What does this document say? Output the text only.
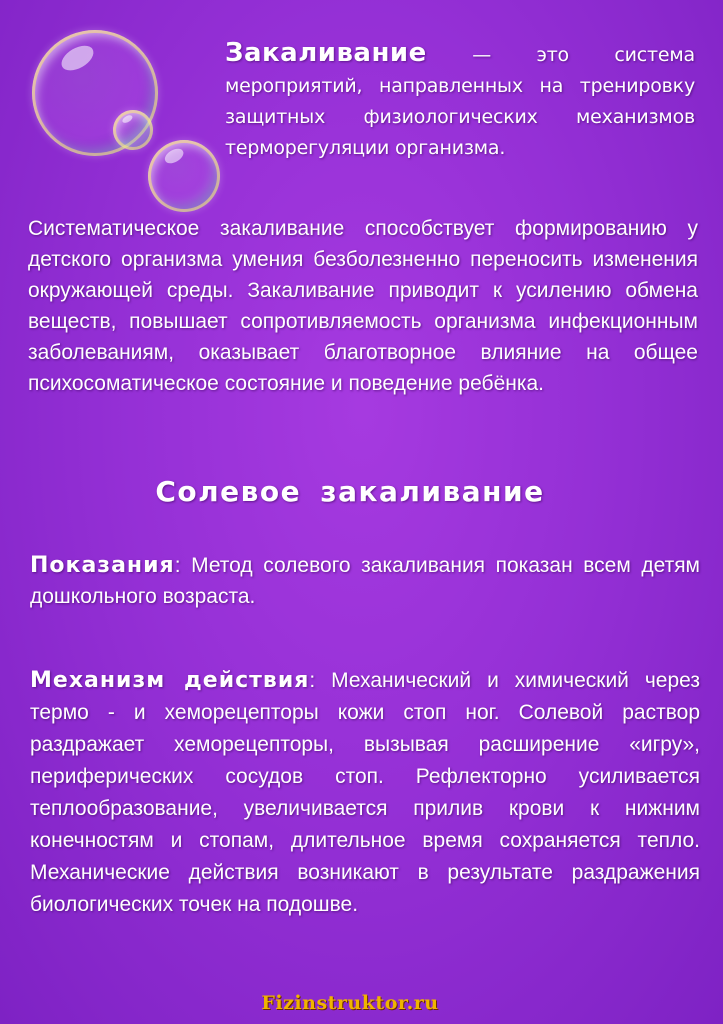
Закаливание — это система мероприятий, направленных на тренировку защитных физиологических механизмов терморегуляции организма.
Систематическое закаливание способствует формированию у детского организма умения безболезненно переносить изменения окружающей среды. Закаливание приводит к усилению обмена веществ, повышает сопротивляемость организма инфекционным заболеваниям, оказывает благотворное влияние на общее психосоматическое состояние и поведение ребёнка.
Солевое закаливание
Показания: Метод солевого закаливания показан всем детям дошкольного возраста.
Механизм действия: Механический и химический через термо - и хеморецепторы кожи стоп ног. Солевой раствор раздражает хеморецепторы, вызывая расширение «игру», периферических сосудов стоп. Рефлекторно усиливается теплообразование, увеличивается прилив крови к нижним конечностям и стопам, длительное время сохраняется тепло. Механические действия возникают в результате раздражения биологических точек на подошве.
Fizinstruktor.ru
